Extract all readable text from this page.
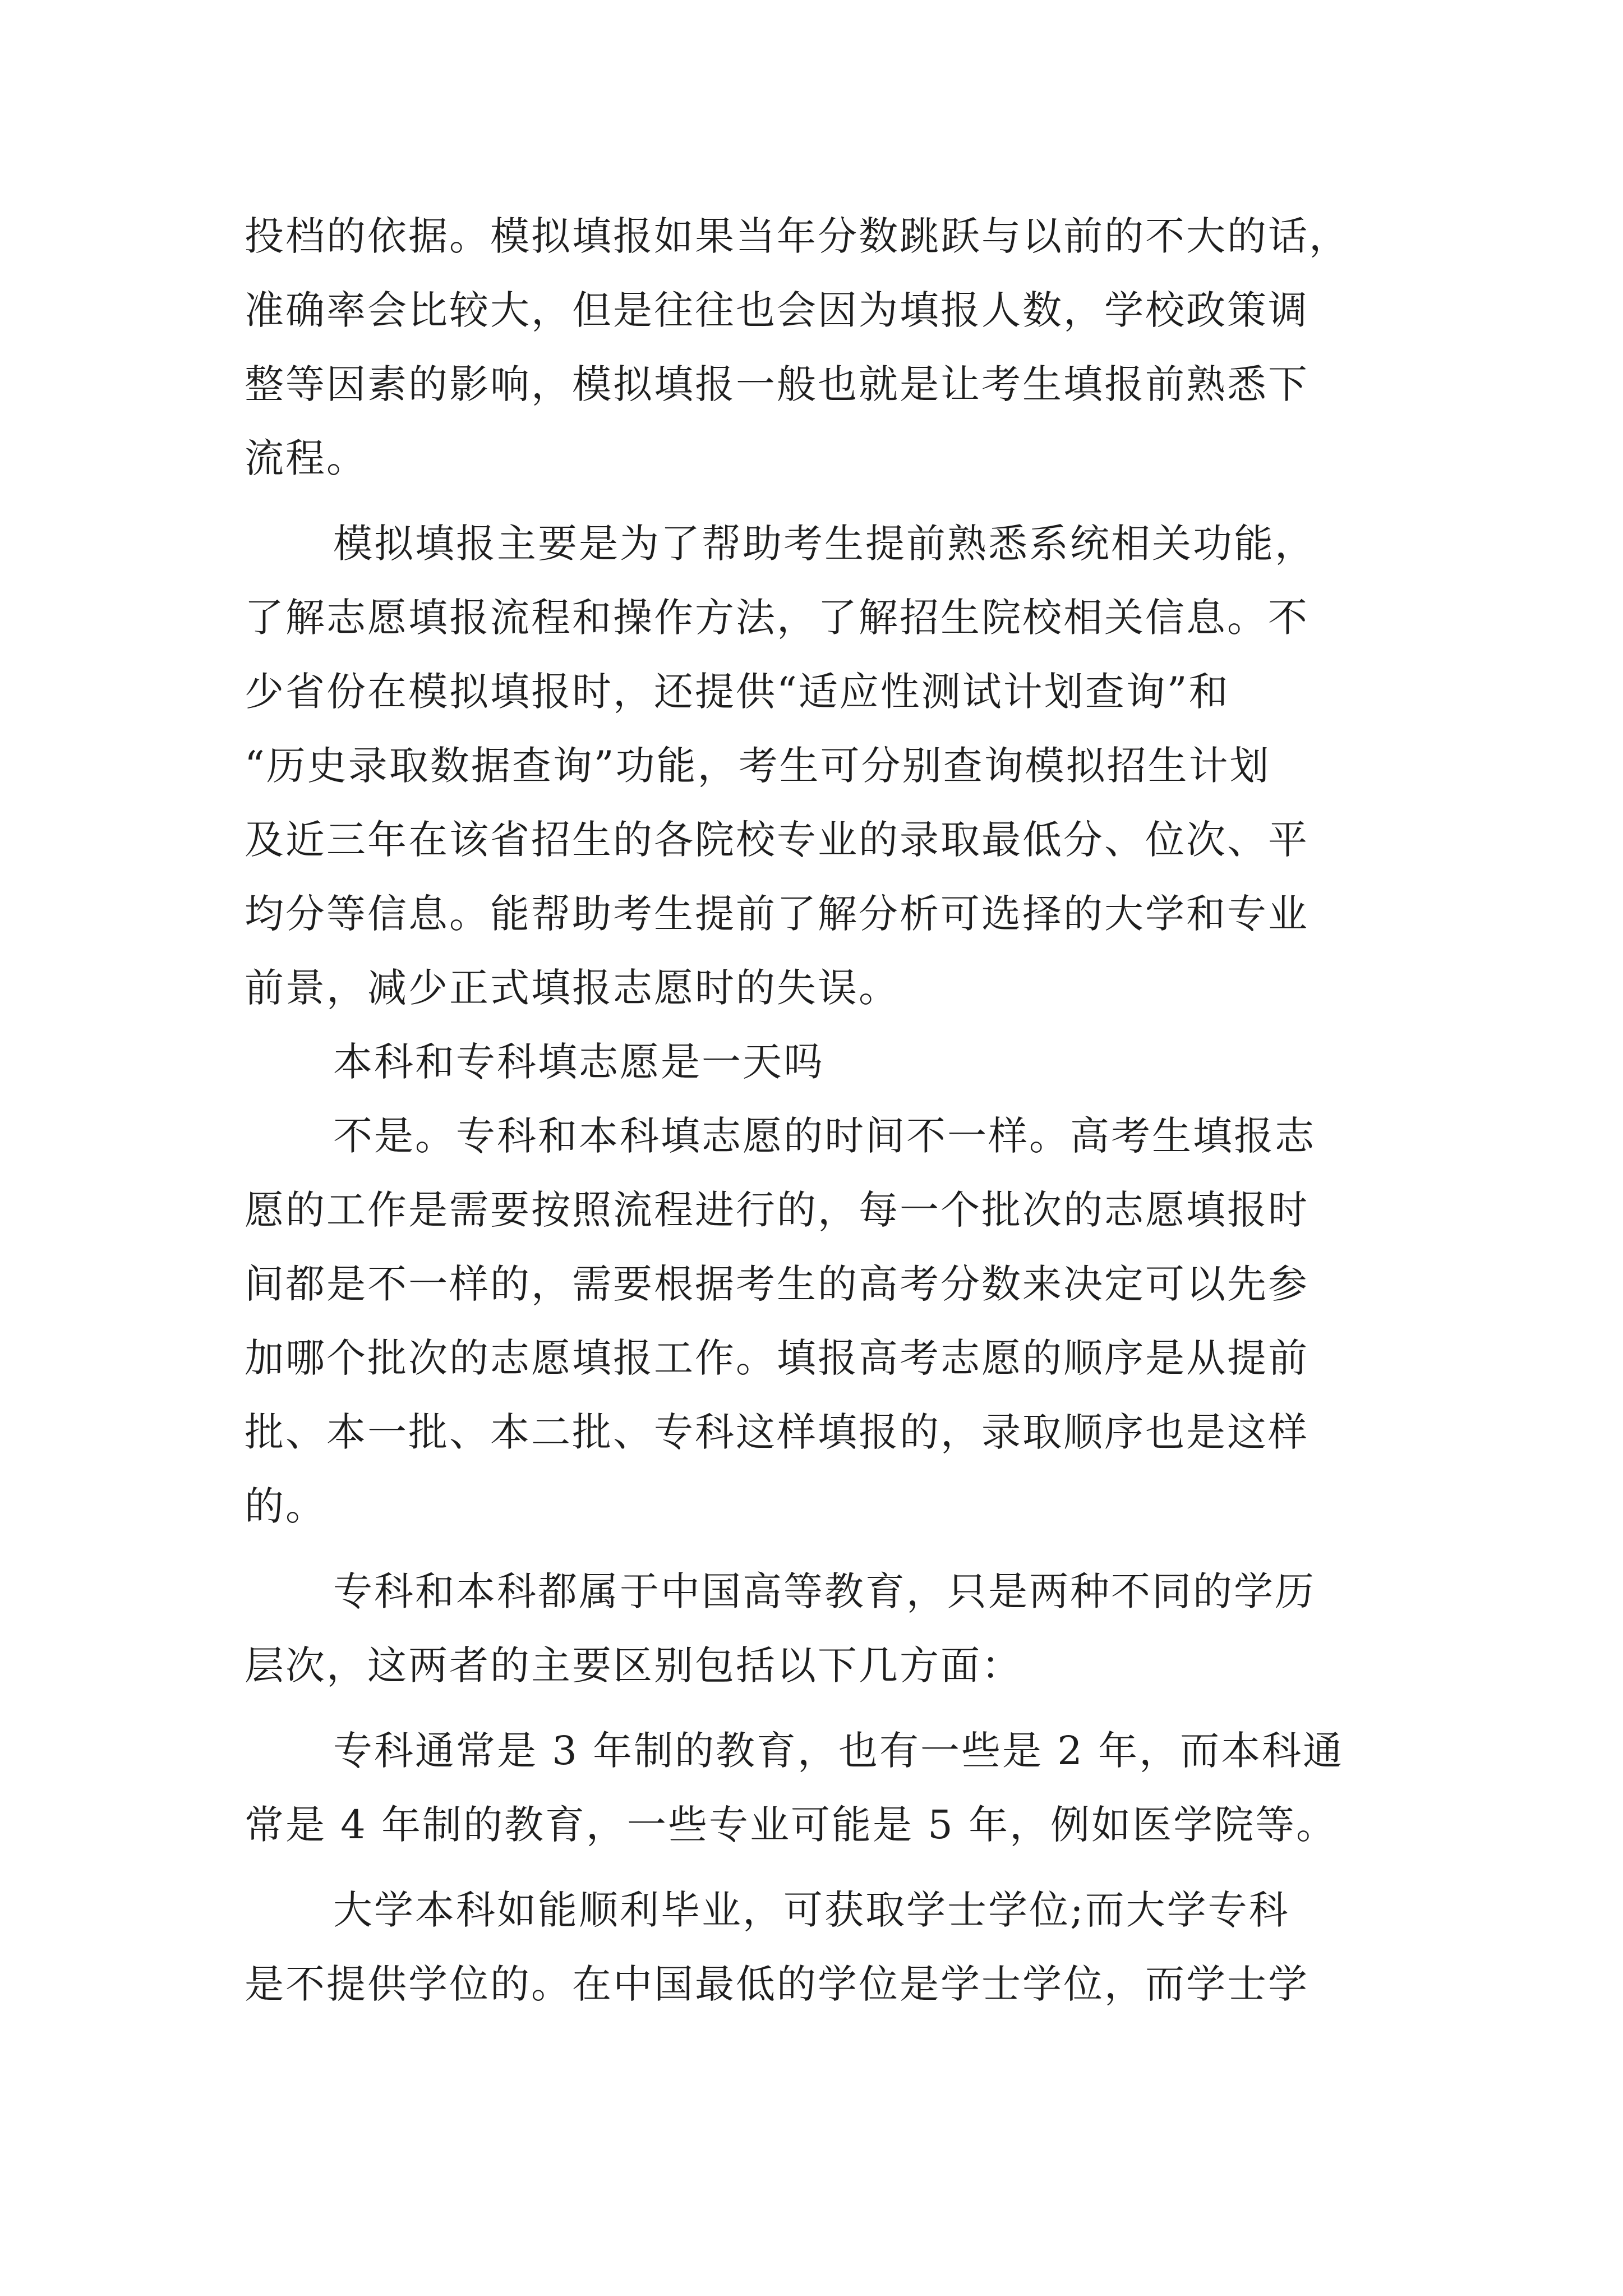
投档的依据。模拟填报如果当年分数跳跃与以前的不大的话，
准确率会比较大，但是往往也会因为填报人数，学校政策调
整等因素的影响，模拟填报一般也就是让考生填报前熟悉下
流程。
模拟填报主要是为了帮助考生提前熟悉系统相关功能，
了解志愿填报流程和操作方法，了解招生院校相关信息。不
少省份在模拟填报时，还提供“适应性测试计划查询”和
“历史录取数据查询”功能，考生可分别查询模拟招生计划
及近三年在该省招生的各院校专业的录取最低分、位次、平
均分等信息。能帮助考生提前了解分析可选择的大学和专业
前景，减少正式填报志愿时的失误。
本科和专科填志愿是一天吗
不是。专科和本科填志愿的时间不一样。高考生填报志
愿的工作是需要按照流程进行的，每一个批次的志愿填报时
间都是不一样的，需要根据考生的高考分数来决定可以先参
加哪个批次的志愿填报工作。填报高考志愿的顺序是从提前
批、本一批、本二批、专科这样填报的，录取顺序也是这样
的。
专科和本科都属于中国高等教育，只是两种不同的学历
层次，这两者的主要区别包括以下几方面：
专科通常是 3 年制的教育，也有一些是 2 年，而本科通
常是 4 年制的教育，一些专业可能是 5 年，例如医学院等。
大学本科如能顺利毕业，可获取学士学位;而大学专科
是不提供学位的。在中国最低的学位是学士学位，而学士学
